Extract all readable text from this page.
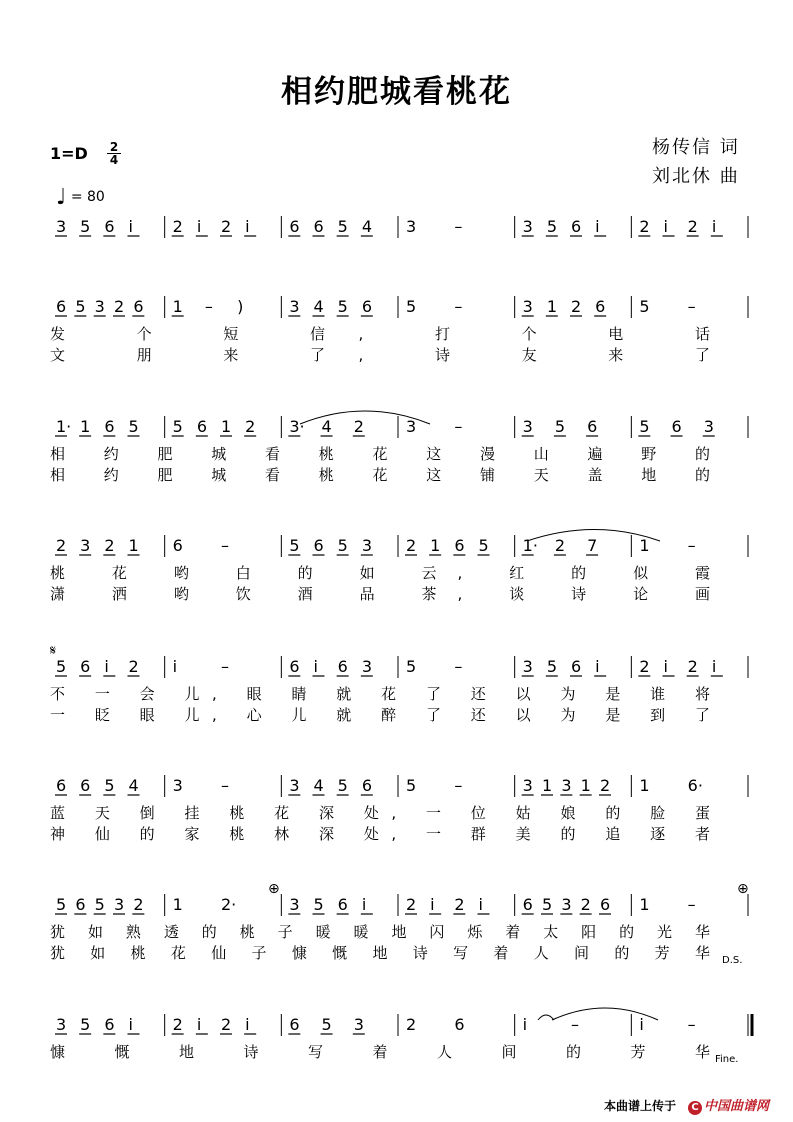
相约肥城看桃花
杨传信 词
刘北休 曲
1=D 2
4
♩ = 80
3 5 6 i 2 i 2 i 6 6 5 4 3 –	3 5 6 i 2 i 2 i
6 5 3 2 6 1 – )	3 4 5 6 5 –	3 1 2 6 5 –
发 个 短 信, 打 个 电 话
文 朋 来 了, 诗 友 来 了
1· 1 6 5 5 6 1 2 3· 4 2	3 –	3 5 6	5 6 3
相 约 肥 城 看 桃 花 这 漫 山 遍 野 的
相 约 肥 城 看 桃 花 这 铺 天 盖 地 的
2 3 2 1 6 –	5 6 5 3 2 1 6 5 1· 2 7	1 –
桃 花 哟 白 的 如 云, 红 的 似 霞
潇 洒 哟 饮 酒 品 茶, 谈 诗 论 画
5 6 i 2 i	–	6 i 6 3 5 –	3 5 6 i 2 i 2 i
不 一 会 儿, 眼 睛 就 花 了 还 以 为 是 谁 将
一 眨 眼 儿, 心 儿 就 醉 了 还 以 为 是 到 了
6 6 5 4 3 –	3 4 5 6 5 –	3 1 3 1 2 1 6·
蓝 天 倒 挂 桃 花 深 处, 一 位 姑 娘 的 脸 蛋
神 仙 的 家 桃 林 深 处, 一 群 美 的 追 逐 者
5 6 5 3 2 1 2·	3 5 6 i 2 i 2 i 6 5 3 2 6 1 –
犹 如 熟 透 的 桃 子 暖 暖 地 闪 烁 着 太 阳 的 光 华
犹 如 桃 花 仙 子 慷 慨 地 诗 写 着 人 间 的 芳 华
3 5 6 i 2 i 2 i 6 5 3	2 6	i	–	i	–
慷 慨 地 诗 写 着 人 间 的 芳 华
𝄋
⊕	⊕
D.S.
Fine.
本曲谱上传于	C 中国曲谱网
